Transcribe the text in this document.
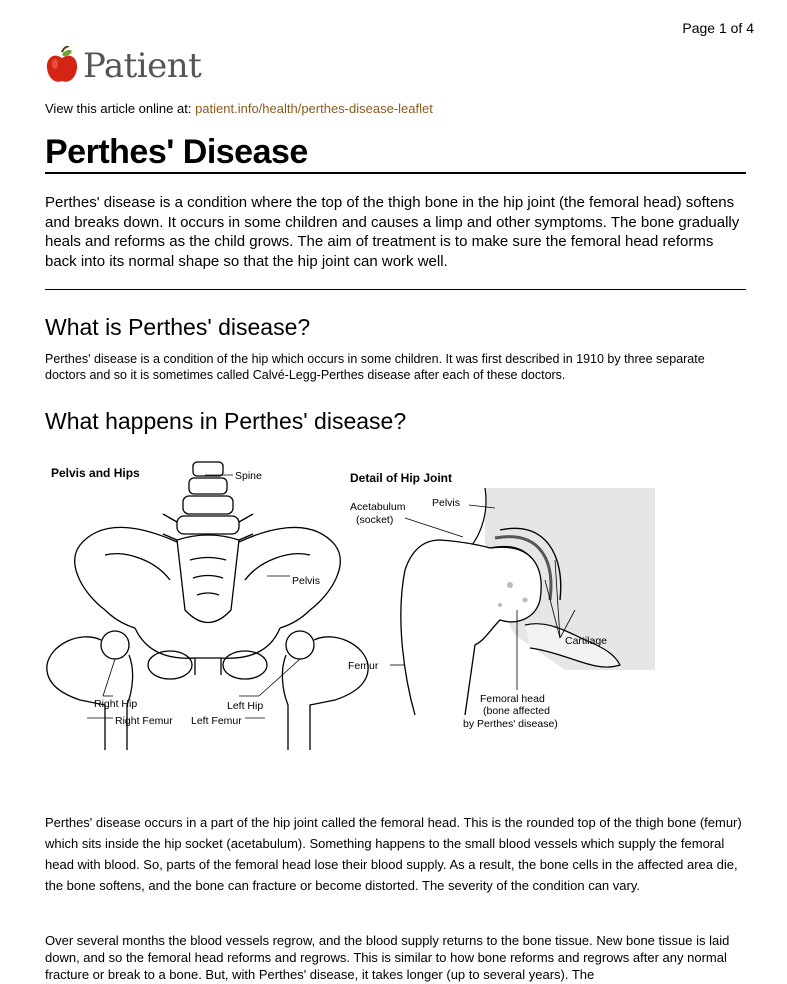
Page 1 of 4
Patient
View this article online at: patient.info/health/perthes-disease-leaflet
Perthes' Disease

Perthes' disease is a condition where the top of the thigh bone in the hip joint (the femoral head) softens and breaks down. It occurs in some children and causes a limp and other symptoms. The bone gradually heals and reforms as the child grows. The aim of treatment is to make sure the femoral head reforms back into its normal shape so that the hip joint can work well.

What is Perthes' disease?

Perthes' disease is a condition of the hip which occurs in some children. It was first described in 1910 by three separate doctors and so it is sometimes called Calvé-Legg-Perthes disease after each of these doctors.

What happens in Perthes' disease?
Pelvis and Hips	Spine
Pelvis
Right Hip	Left Hip
Right Femur Left Femur
Detail of Hip Joint
Acetabulum
(socket)
Pelvis
Cartilage
Femur
Femoral head
(bone affected
by Perthes' disease)

Perthes' disease occurs in a part of the hip joint called the femoral head. This is the rounded top of the thigh bone (femur) which sits inside the hip socket (acetabulum). Something happens to the small blood vessels which supply the femoral head with blood. So, parts of the femoral head lose their blood supply. As a result, the bone cells in the affected area die, the bone softens, and the bone can fracture or become distorted. The severity of the condition can vary.

Over several months the blood vessels regrow, and the blood supply returns to the bone tissue. New bone tissue is laid down, and so the femoral head reforms and regrows. This is similar to how bone reforms and regrows after any normal fracture or break to a bone. But, with Perthes' disease, it takes longer (up to several years). The
